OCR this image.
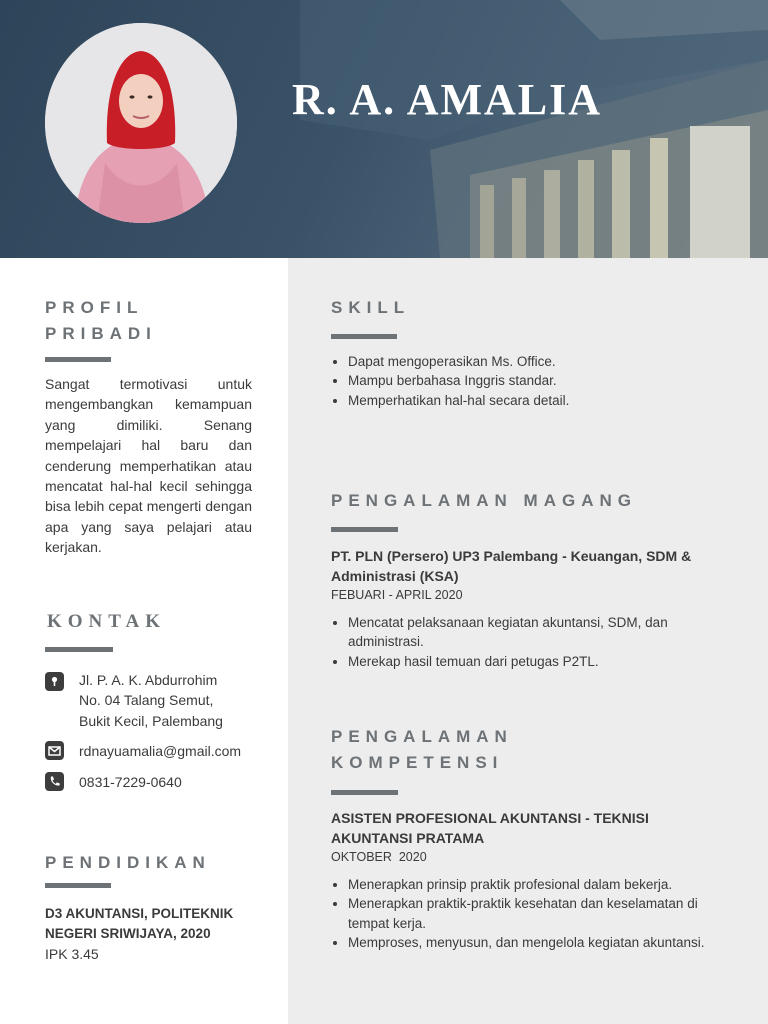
R. A. AMALIA
PROFIL
PRIBADI
Sangat termotivasi untuk mengembangkan kemampuan yang dimiliki. Senang mempelajari hal baru dan cenderung memperhatikan atau mencatat hal-hal kecil sehingga bisa lebih cepat mengerti dengan apa yang saya pelajari atau kerjakan.
KONTAK
Jl. P. A. K. Abdurrohim
No. 04 Talang Semut,
Bukit Kecil, Palembang
rdnayuamalia@gmail.com
0831-7229-0640
PENDIDIKAN
D3 AKUNTANSI, POLITEKNIK
NEGERI SRIWIJAYA, 2020
IPK 3.45
SKILL
• Dapat mengoperasikan Ms. Office.
• Mampu berbahasa Inggris standar.
• Memperhatikan hal-hal secara detail.
PENGALAMAN MAGANG
PT. PLN (Persero) UP3 Palembang - Keuangan, SDM &
Administrasi (KSA)
FEBUARI - APRIL 2020
• Mencatat pelaksanaan kegiatan akuntansi, SDM, dan administrasi.
• Merekap hasil temuan dari petugas P2TL.
PENGALAMAN
KOMPETENSI
ASISTEN PROFESIONAL AKUNTANSI - TEKNISI
AKUNTANSI PRATAMA
OKTOBER  2020
• Menerapkan prinsip praktik profesional dalam bekerja.
• Menerapkan praktik-praktik kesehatan dan keselamatan di tempat kerja.
• Memproses, menyusun, dan mengelola kegiatan akuntansi.
